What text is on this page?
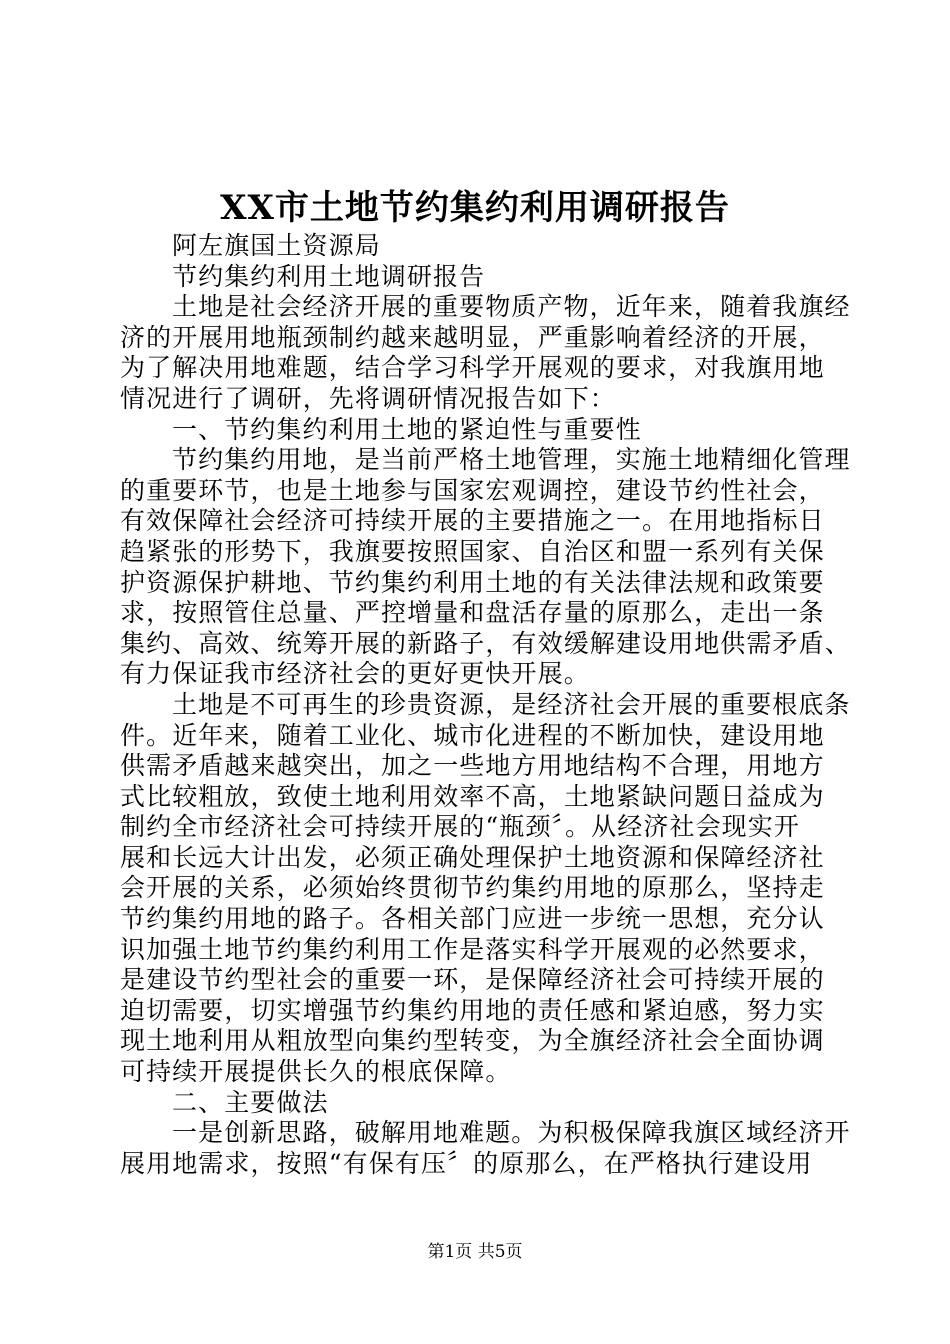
XX市土地节约集约利用调研报告
阿左旗国土资源局
节约集约利用土地调研报告
土地是社会经济开展的重要物质产物，近年来，随着我旗经
济的开展用地瓶颈制约越来越明显，严重影响着经济的开展，
为了解决用地难题，结合学习科学开展观的要求，对我旗用地
情况进行了调研，先将调研情况报告如下：
一、节约集约利用土地的紧迫性与重要性
节约集约用地，是当前严格土地管理，实施土地精细化管理
的重要环节，也是土地参与国家宏观调控，建设节约性社会，
有效保障社会经济可持续开展的主要措施之一。在用地指标日
趋紧张的形势下，我旗要按照国家、自治区和盟一系列有关保
护资源保护耕地、节约集约利用土地的有关法律法规和政策要
求，按照管住总量、严控增量和盘活存量的原那么，走出一条
集约、高效、统筹开展的新路子，有效缓解建设用地供需矛盾、
有力保证我市经济社会的更好更快开展。
土地是不可再生的珍贵资源，是经济社会开展的重要根底条
件。近年来，随着工业化、城市化进程的不断加快，建设用地
供需矛盾越来越突出，加之一些地方用地结构不合理，用地方
式比较粗放，致使土地利用效率不高，土地紧缺问题日益成为
制约全市经济社会可持续开展的“瓶颈〞。从经济社会现实开
展和长远大计出发，必须正确处理保护土地资源和保障经济社
会开展的关系，必须始终贯彻节约集约用地的原那么，坚持走
节约集约用地的路子。各相关部门应进一步统一思想，充分认
识加强土地节约集约利用工作是落实科学开展观的必然要求，
是建设节约型社会的重要一环，是保障经济社会可持续开展的
迫切需要，切实增强节约集约用地的责任感和紧迫感，努力实
现土地利用从粗放型向集约型转变，为全旗经济社会全面协调
可持续开展提供长久的根底保障。
二、主要做法
一是创新思路，破解用地难题。为积极保障我旗区域经济开
展用地需求，按照“有保有压〞的原那么，在严格执行建设用
第1页 共5页
